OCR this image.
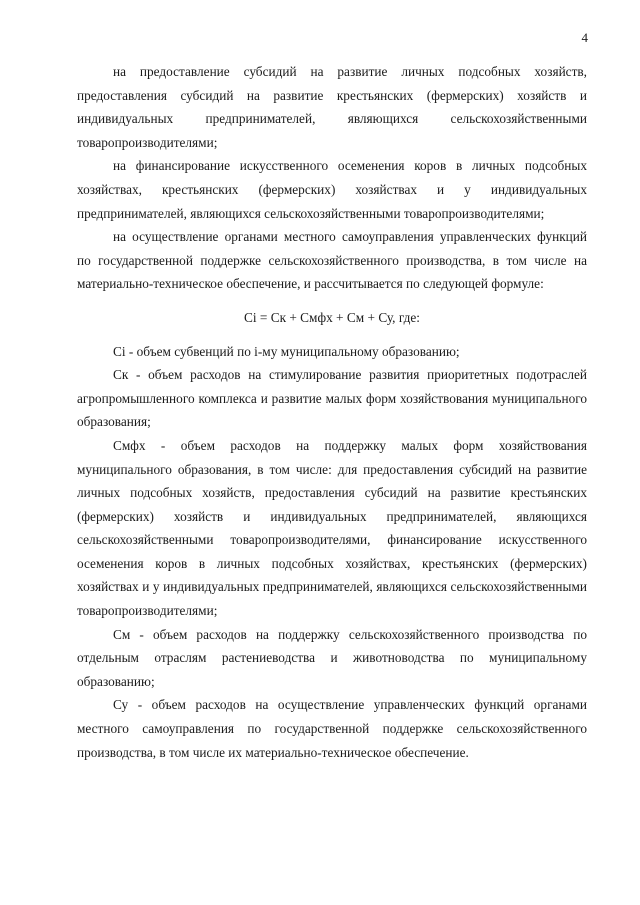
4

на предоставление субсидий на развитие личных подсобных хозяйств, предоставления субсидий на развитие крестьянских (фермерских) хозяйств и индивидуальных предпринимателей, являющихся сельскохозяйственными товаропроизводителями;

на финансирование искусственного осеменения коров в личных подсобных хозяйствах, крестьянских (фермерских) хозяйствах и у индивидуальных предпринимателей, являющихся сельскохозяйственными товаропроизводителями;

на осуществление органами местного самоуправления управленческих функций по государственной поддержке сельскохозяйственного производства, в том числе на материально-техническое обеспечение, и рассчитывается по следующей формуле:

Ci = Ск + Смфх + См + Су, где:

Ci - объем субвенций по i-му муниципальному образованию;

Ск - объем расходов на стимулирование развития приоритетных подотраслей агропромышленного комплекса и развитие малых форм хозяйствования муниципального образования;

Смфх - объем расходов на поддержку малых форм хозяйствования муниципального образования, в том числе: для предоставления субсидий на развитие личных подсобных хозяйств, предоставления субсидий на развитие крестьянских (фермерских) хозяйств и индивидуальных предпринимателей, являющихся сельскохозяйственными товаропроизводителями, финансирование искусственного осеменения коров в личных подсобных хозяйствах, крестьянских (фермерских) хозяйствах и у индивидуальных предпринимателей, являющихся сельскохозяйственными товаропроизводителями;

См - объем расходов на поддержку сельскохозяйственного производства по отдельным отраслям растениеводства и животноводства по муниципальному образованию;

Су - объем расходов на осуществление управленческих функций органами местного самоуправления по государственной поддержке сельскохозяйственного производства, в том числе их материально-техническое обеспечение.
